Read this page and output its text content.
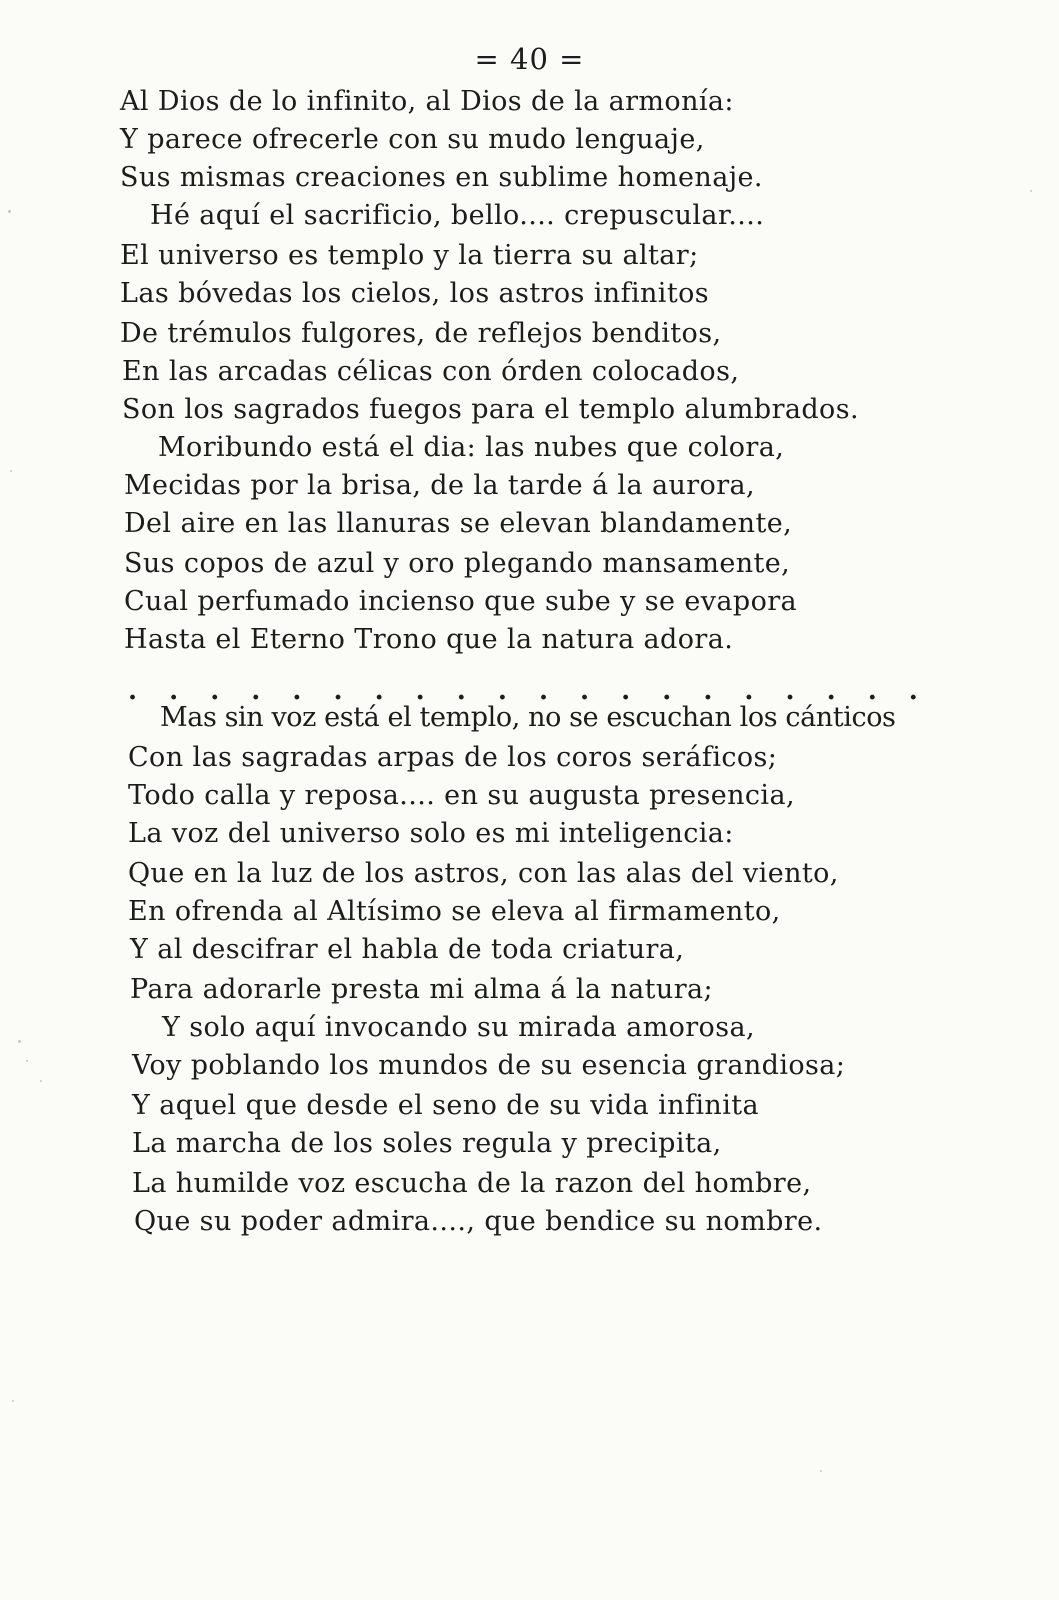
= 40 =
Al Dios de lo infinito, al Dios de la armonía:
Y parece ofrecerle con su mudo lenguaje,
Sus mismas creaciones en sublime homenaje.
Hé aquí el sacrificio, bello.... crepuscular....
El universo es templo y la tierra su altar;
Las bóvedas los cielos, los astros infinitos
De trémulos fulgores, de reflejos benditos,
En las arcadas célicas con órden colocados,
Son los sagrados fuegos para el templo alumbrados.
Moribundo está el dia: las nubes que colora,
Mecidas por la brisa, de la tarde á la aurora,
Del aire en las llanuras se elevan blandamente,
Sus copos de azul y oro plegando mansamente,
Cual perfumado incienso que sube y se evapora
Hasta el Eterno Trono que la natura adora.
. . . . . . . . . . . . . . . . . . . .
Mas sin voz está el templo, no se escuchan los cánticos
Con las sagradas arpas de los coros seráficos;
Todo calla y reposa.... en su augusta presencia,
La voz del universo solo es mi inteligencia:
Que en la luz de los astros, con las alas del viento,
En ofrenda al Altísimo se eleva al firmamento,
Y al descifrar el habla de toda criatura,
Para adorarle presta mi alma á la natura;
Y solo aquí invocando su mirada amorosa,
Voy poblando los mundos de su esencia grandiosa;
Y aquel que desde el seno de su vida infinita
La marcha de los soles regula y precipita,
La humilde voz escucha de la razon del hombre,
Que su poder admira...., que bendice su nombre.
